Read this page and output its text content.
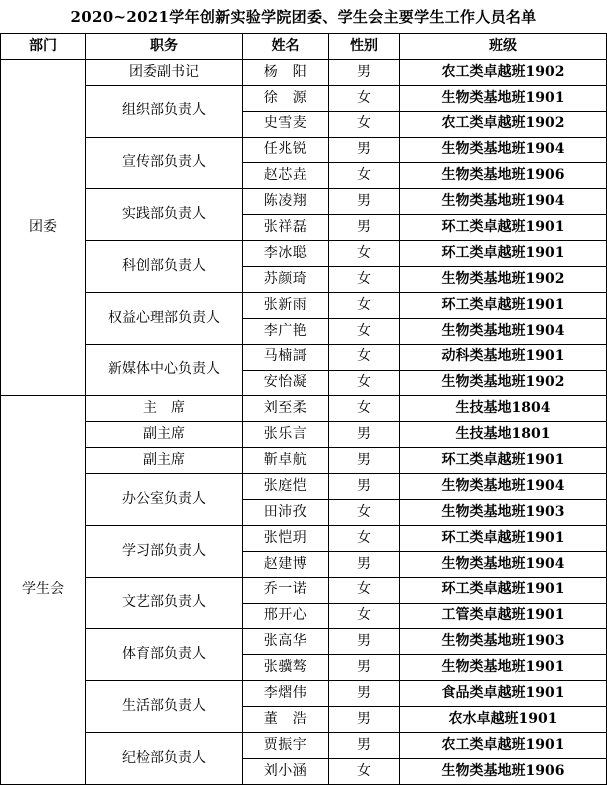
2020~2021学年创新实验学院团委、学生会主要学生工作人员名单
部门	职务	姓名	性别	班级
团委	团委副书记	杨　阳	男	农工类卓越班1902
	组织部负责人	徐　源	女	生物类基地班1901
		史雪麦	女	农工类卓越班1902
	宣传部负责人	任兆锐	男	生物类基地班1904
		赵芯垚	女	生物类基地班1906
	实践部负责人	陈凌翔	男	生物类基地班1904
		张祥磊	男	环工类卓越班1901
	科创部负责人	李冰聪	女	环工类卓越班1901
		苏颜琦	女	生物类基地班1902
	权益心理部负责人	张新雨	女	环工类卓越班1901
		李广艳	女	生物类基地班1904
	新媒体中心负责人	马楠謌	女	动科类基地班1901
		安怡凝	女	生物类基地班1902
学生会	主　席	刘至柔	女	生技基地1804
	副主席	张乐言	男	生技基地1801
	副主席	靳卓航	男	环工类卓越班1901
	办公室负责人	张庭恺	男	生物类基地班1904
		田沛孜	女	生物类基地班1903
	学习部负责人	张恺玥	女	环工类卓越班1901
		赵建博	男	生物类基地班1904
	文艺部负责人	乔一诺	女	环工类卓越班1901
		邢开心	女	工管类卓越班1901
	体育部负责人	张高华	男	生物类基地班1903
		张骥骜	男	生物类基地班1901
	生活部负责人	李熠伟	男	食品类卓越班1901
		董　浩	男	农水卓越班1901
	纪检部负责人	贾振宇	男	农工类卓越班1901
		刘小涵	女	生物类基地班1906
